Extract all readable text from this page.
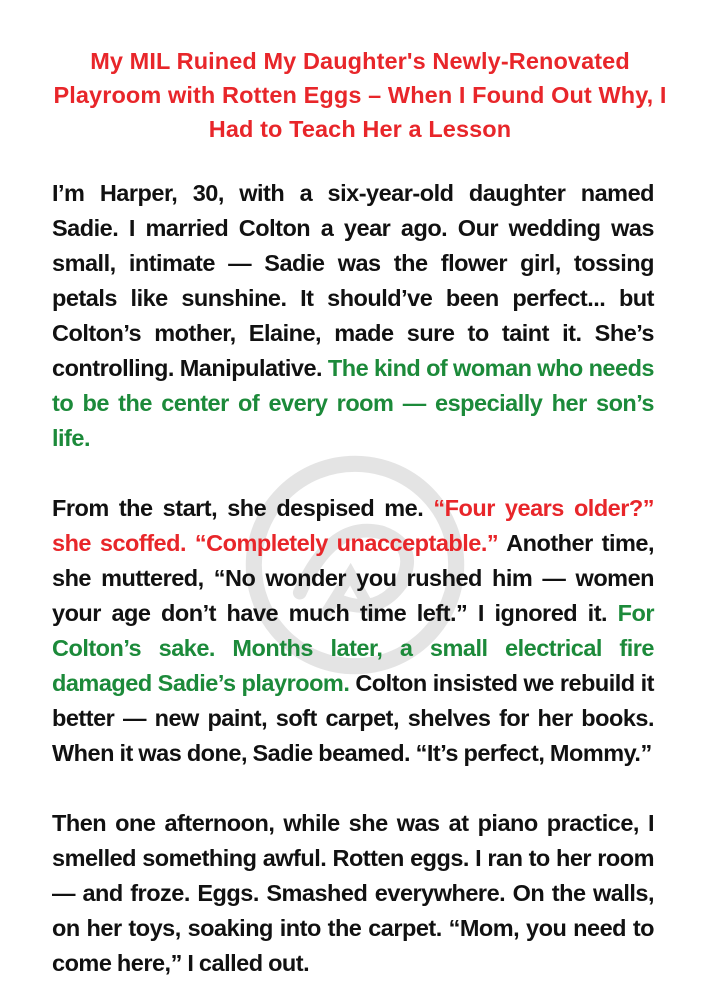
My MIL Ruined My Daughter's Newly-Renovated Playroom with Rotten Eggs – When I Found Out Why, I Had to Teach Her a Lesson

I’m Harper, 30, with a six-year-old daughter named Sadie. I married Colton a year ago. Our wedding was small, intimate — Sadie was the flower girl, tossing petals like sunshine. It should’ve been perfect... but Colton’s mother, Elaine, made sure to taint it. She’s controlling. Manipulative. The kind of woman who needs to be the center of every room — especially her son’s life.

From the start, she despised me. “Four years older?” she scoffed. “Completely unacceptable.” Another time, she muttered, “No wonder you rushed him — women your age don’t have much time left.” I ignored it. For Colton’s sake. Months later, a small electrical fire damaged Sadie’s playroom. Colton insisted we rebuild it better — new paint, soft carpet, shelves for her books. When it was done, Sadie beamed. “It’s perfect, Mommy.”

Then one afternoon, while she was at piano practice, I smelled something awful. Rotten eggs. I ran to her room — and froze. Eggs. Smashed everywhere. On the walls, on her toys, soaking into the carpet. “Mom, you need to come here,” I called out.
